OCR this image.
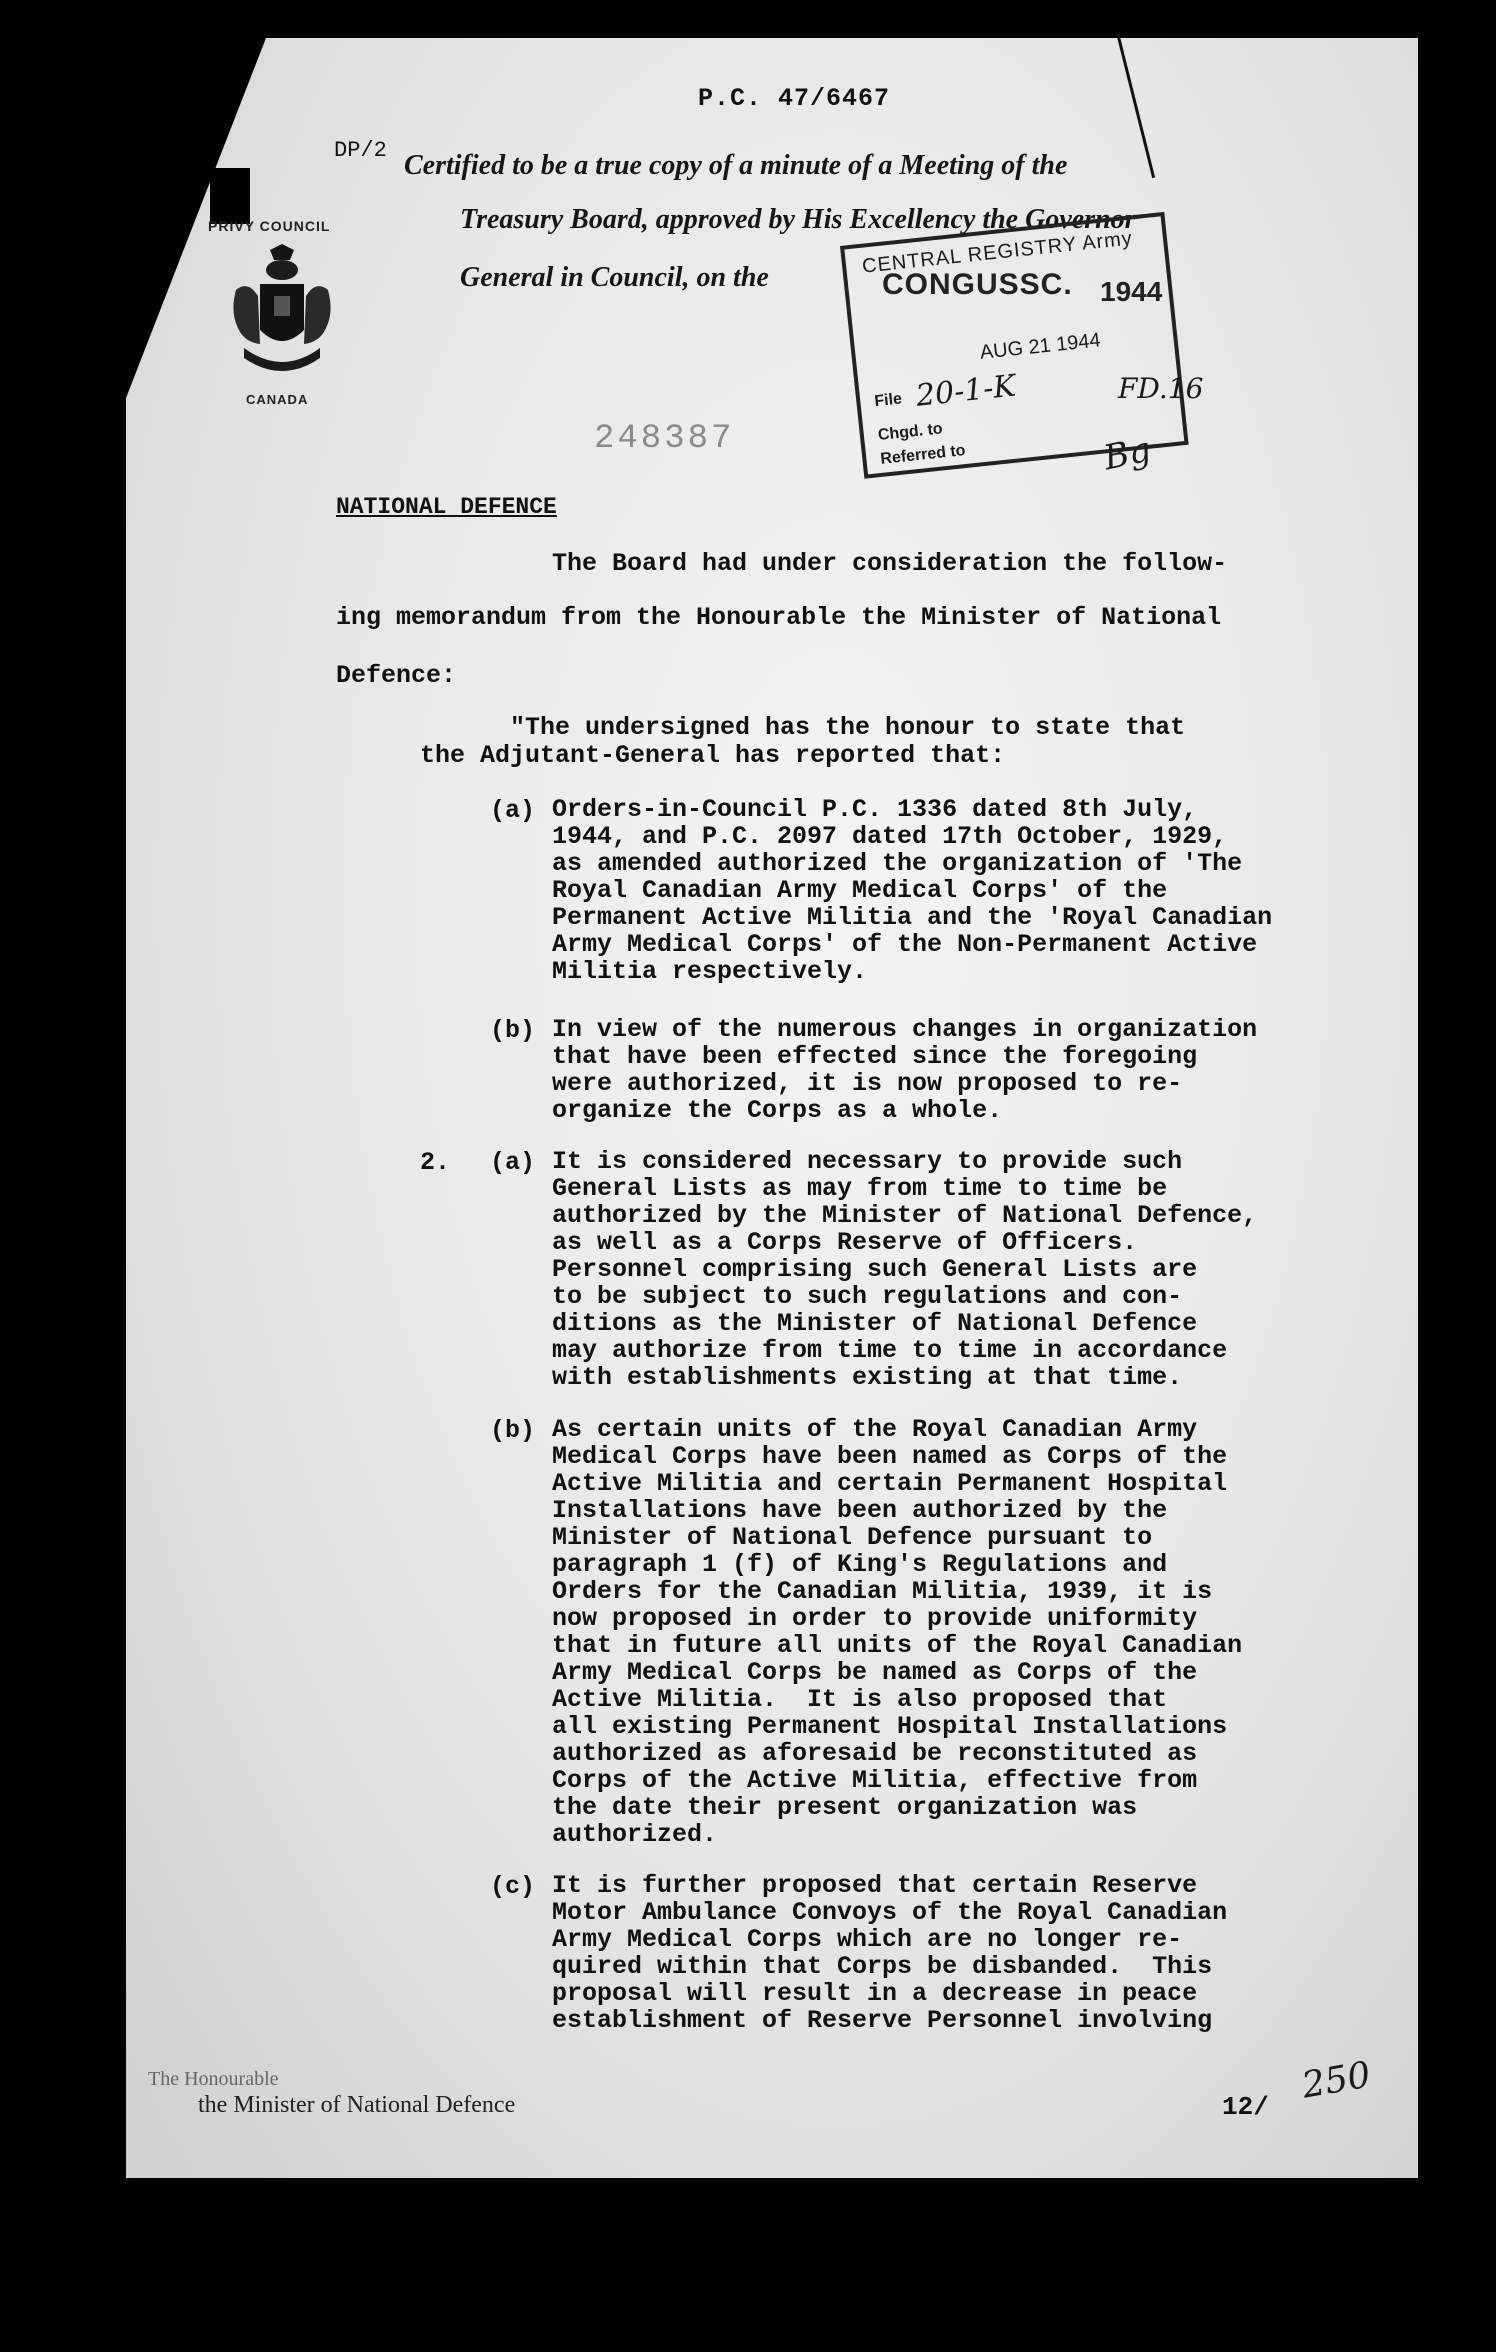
P.C. 47/6467
DP/2 Certified to be a true copy of a minute of a Meeting of the
Treasury Board, approved by His Excellency the Governor
General in Council, on the
PRIVY COUNCIL
CANADA
248387
CENTRAL REGISTRY Army
AUG 21 1944
File 20-1-K
Chgd. to
Referred to
CONGUSSC. 1944
FD.16
Bg
NATIONAL DEFENCE
The Board had under consideration the follow-
ing memorandum from the Honourable the Minister of National
Defence:
"The undersigned has the honour to state that
the Adjutant-General has reported that:
(a) Orders-in-Council P.C. 1336 dated 8th July,
1944, and P.C. 2097 dated 17th October, 1929,
as amended authorized the organization of 'The
Royal Canadian Army Medical Corps' of the
Permanent Active Militia and the 'Royal Canadian
Army Medical Corps' of the Non-Permanent Active
Militia respectively.
(b) In view of the numerous changes in organization
that have been effected since the foregoing
were authorized, it is now proposed to re-
organize the Corps as a whole.
2. (a) It is considered necessary to provide such
General Lists as may from time to time be
authorized by the Minister of National Defence,
as well as a Corps Reserve of Officers.
Personnel comprising such General Lists are
to be subject to such regulations and con-
ditions as the Minister of National Defence
may authorize from time to time in accordance
with establishments existing at that time.
(b) As certain units of the Royal Canadian Army
Medical Corps have been named as Corps of the
Active Militia and certain Permanent Hospital
Installations have been authorized by the
Minister of National Defence pursuant to
paragraph 1 (f) of King's Regulations and
Orders for the Canadian Militia, 1939, it is
now proposed in order to provide uniformity
that in future all units of the Royal Canadian
Army Medical Corps be named as Corps of the
Active Militia.  It is also proposed that
all existing Permanent Hospital Installations
authorized as aforesaid be reconstituted as
Corps of the Active Militia, effective from
the date their present organization was
authorized.
(c) It is further proposed that certain Reserve
Motor Ambulance Convoys of the Royal Canadian
Army Medical Corps which are no longer re-
quired within that Corps be disbanded.  This
proposal will result in a decrease in peace
establishment of Reserve Personnel involving
The Honourable
the Minister of National Defence	12/
250
